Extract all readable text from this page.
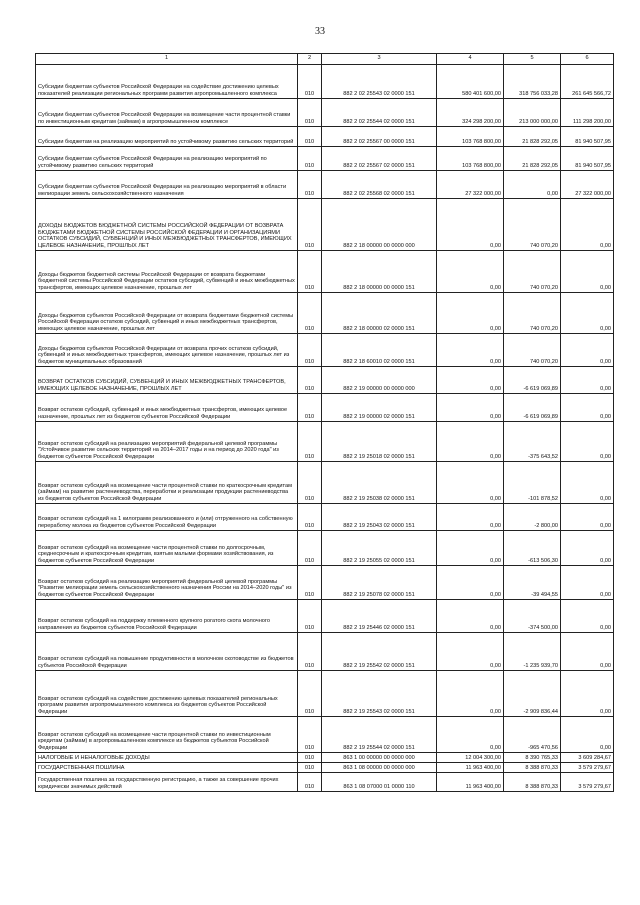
33
1	2	3	4	5	6
Субсидии бюджетам субъектов Российской Федерации на содействие достижению целевых показателей реализации региональных программ развития агропромышленного комплекса	010	882 2 02 25543 02 0000 151	580 401 600,00	318 756 033,28	261 645 566,72
Субсидии бюджетам субъектов Российской Федерации на возмещение части процентной ставки по инвестиционным кредитам (займам) в агропромышленном комплексе	010	882 2 02 25544 02 0000 151	324 298 200,00	213 000 000,00	111 298 200,00
Субсидии бюджетам на реализацию мероприятий по устойчивому развитию сельских территорий	010	882 2 02 25567 00 0000 151	103 768 800,00	21 828 292,05	81 940 507,95
Субсидии бюджетам субъектов Российской Федерации на реализацию мероприятий по устойчивому развитию сельских территорий	010	882 2 02 25567 02 0000 151	103 768 800,00	21 828 292,05	81 940 507,95
Субсидии бюджетам субъектов Российской Федерации на реализацию мероприятий в области мелиорации земель сельскохозяйственного назначения	010	882 2 02 25568 02 0000 151	27 322 000,00	0,00	27 322 000,00
ДОХОДЫ БЮДЖЕТОВ БЮДЖЕТНОЙ СИСТЕМЫ РОССИЙСКОЙ ФЕДЕРАЦИИ ОТ ВОЗВРАТА БЮДЖЕТАМИ БЮДЖЕТНОЙ СИСТЕМЫ РОССИЙСКОЙ ФЕДЕРАЦИИ И ОРГАНИЗАЦИЯМИ ОСТАТКОВ СУБСИДИЙ, СУБВЕНЦИЙ И ИНЫХ МЕЖБЮДЖЕТНЫХ ТРАНСФЕРТОВ, ИМЕЮЩИХ ЦЕЛЕВОЕ НАЗНАЧЕНИЕ, ПРОШЛЫХ ЛЕТ	010	882 2 18 00000 00 0000 000	0,00	740 070,20	0,00
Доходы бюджетов бюджетной системы Российской Федерации от возврата бюджетами бюджетной системы Российской Федерации остатков субсидий, субвенций и иных межбюджетных трансфертов, имеющих целевое назначение, прошлых лет	010	882 2 18 00000 00 0000 151	0,00	740 070,20	0,00
Доходы бюджетов субъектов Российской Федерации от возврата бюджетами бюджетной системы Российской Федерации остатков субсидий, субвенций и иных межбюджетных трансфертов, имеющих целевое назначение, прошлых лет	010	882 2 18 00000 02 0000 151	0,00	740 070,20	0,00
Доходы бюджетов субъектов Российской Федерации от возврата прочих остатков субсидий, субвенций и иных межбюджетных трансфертов, имеющих целевое назначение, прошлых лет из бюджетов муниципальных образований	010	882 2 18 60010 02 0000 151	0,00	740 070,20	0,00
ВОЗВРАТ ОСТАТКОВ СУБСИДИЙ, СУБВЕНЦИЙ И ИНЫХ МЕЖБЮДЖЕТНЫХ ТРАНСФЕРТОВ, ИМЕЮЩИХ ЦЕЛЕВОЕ НАЗНАЧЕНИЕ, ПРОШЛЫХ ЛЕТ	010	882 2 19 00000 00 0000 000	0,00	-6 619 069,89	0,00
Возврат остатков субсидий, субвенций и иных межбюджетных трансфертов, имеющих целевое назначение, прошлых лет из бюджетов субъектов Российской Федерации	010	882 2 19 00000 02 0000 151	0,00	-6 619 069,89	0,00
Возврат остатков субсидий на реализацию мероприятий федеральной целевой программы "Устойчивое развитие сельских территорий на 2014–2017 годы и на период до 2020 года" из бюджетов субъектов Российской Федерации	010	882 2 19 25018 02 0000 151	0,00	-375 643,52	0,00
Возврат остатков субсидий на возмещение части процентной ставки по краткосрочным кредитам (займам) на развитие растениеводства, переработки и реализации продукции растениеводства из бюджетов субъектов Российской Федерации	010	882 2 19 25038 02 0000 151	0,00	-101 878,52	0,00
Возврат остатков субсидий на 1 килограмм реализованного и (или) отгруженного на собственную переработку молока из бюджетов субъектов Российской Федерации	010	882 2 19 25043 02 0000 151	0,00	-2 800,00	0,00
Возврат остатков субсидий на возмещение части процентной ставки по долгосрочным, среднесрочным и краткосрочным кредитам, взятым малыми формами хозяйствования, из бюджетов субъектов Российской Федерации	010	882 2 19 25055 02 0000 151	0,00	-613 506,30	0,00
Возврат остатков субсидий на реализацию мероприятий федеральной целевой программы "Развитие мелиорации земель сельскохозяйственного назначения России на 2014–2020 годы" из бюджетов субъектов Российской Федерации	010	882 2 19 25078 02 0000 151	0,00	-39 494,55	0,00
Возврат остатков субсидий на поддержку племенного крупного рогатого скота молочного направления из бюджетов субъектов Российской Федерации	010	882 2 19 25446 02 0000 151	0,00	-374 500,00	0,00
Возврат остатков субсидий на повышение продуктивности в молочном скотоводстве из бюджетов субъектов Российской Федерации	010	882 2 19 25542 02 0000 151	0,00	-1 235 939,70	0,00
Возврат остатков субсидий на содействие достижению целевых показателей региональных программ развития агропромышленного комплекса из бюджетов субъектов Российской Федерации	010	882 2 19 25543 02 0000 151	0,00	-2 909 836,44	0,00
Возврат остатков субсидий на возмещение части процентной ставки по инвестиционным кредитам (займам) в агропромышленном комплексе из бюджетов субъектов Российской Федерации	010	882 2 19 25544 02 0000 151	0,00	-965 470,56	0,00
НАЛОГОВЫЕ И НЕНАЛОГОВЫЕ ДОХОДЫ	010	863 1 00 00000 00 0000 000	12 004 300,00	8 390 765,33	3 609 284,67
ГОСУДАРСТВЕННАЯ ПОШЛИНА	010	863 1 08 00000 00 0000 000	11 963 400,00	8 388 870,33	3 579 279,67
Государственная пошлина за государственную регистрацию, а также за совершение прочих юридически значимых действий	010	863 1 08 07000 01 0000 110	11 963 400,00	8 388 870,33	3 579 279,67
